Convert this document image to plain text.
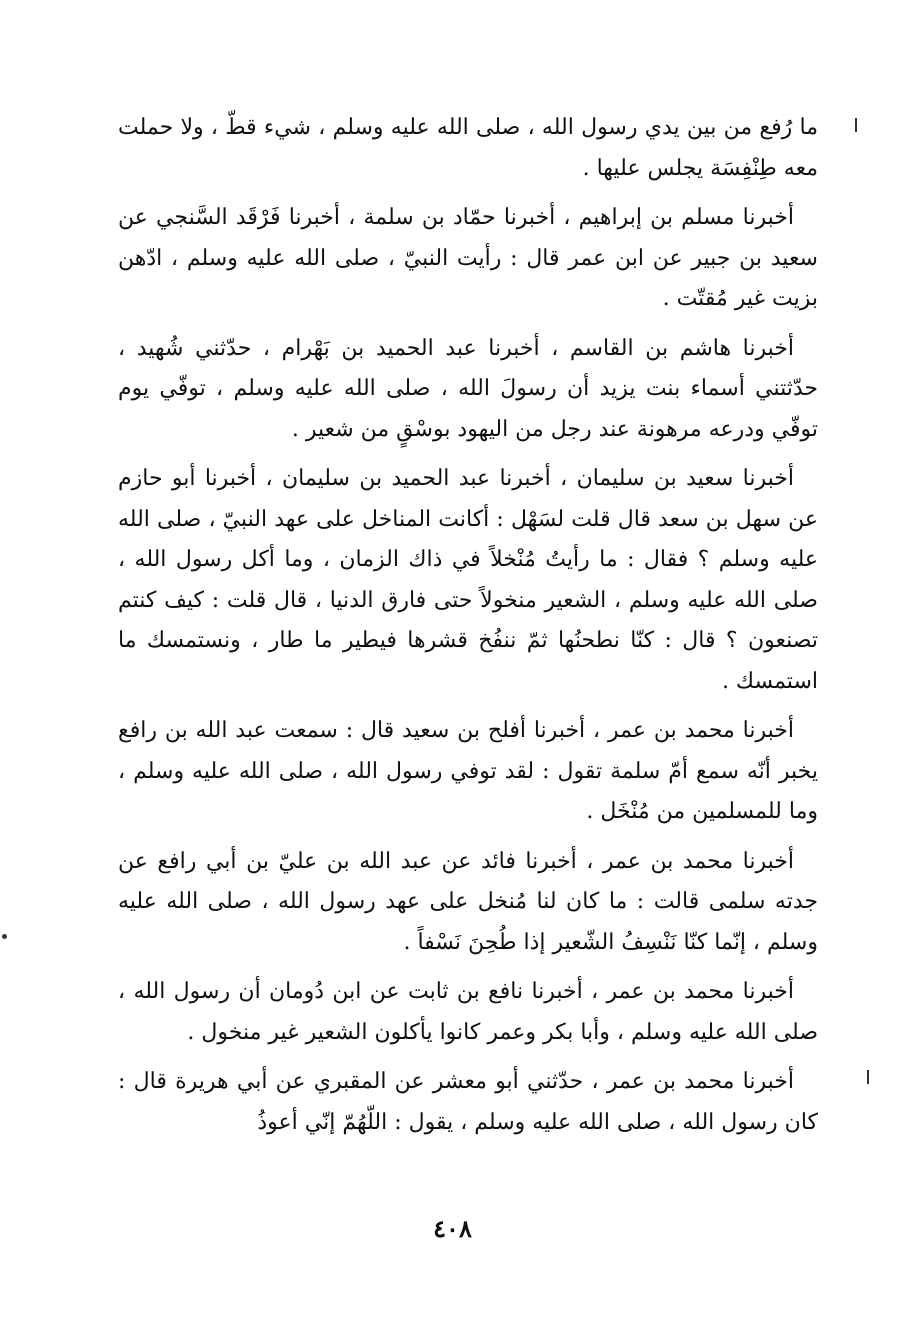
ما رُفع من بين يدي رسول الله ، صلى الله عليه وسلم ، شيء قطّ ، ولا حملت معه طِنْفِسَة يجلس عليها .

أخبرنا مسلم بن إبراهيم ، أخبرنا حمّاد بن سلمة ، أخبرنا فَرْقَد السَّنجي عن سعيد بن جبير عن ابن عمر قال : رأيت النبيّ ، صلى الله عليه وسلم ، ادّهن بزيت غير مُقتّت .

أخبرنا هاشم بن القاسم ، أخبرنا عبد الحميد بن بَهْرام ، حدّثني شُهيد ، حدّثتني أسماء بنت يزيد أن رسولَ الله ، صلى الله عليه وسلم ، توفّي يوم توفّي ودرعه مرهونة عند رجل من اليهود بوسْقٍ من شعير .

أخبرنا سعيد بن سليمان ، أخبرنا عبد الحميد بن سليمان ، أخبرنا أبو حازم عن سهل بن سعد قال قلت لسَهْل : أكانت المناخل على عهد النبيّ ، صلى الله عليه وسلم ؟ فقال : ما رأيتُ مُنْخلاً في ذاك الزمان ، وما أكل رسول الله ، صلى الله عليه وسلم ، الشعير منخولاً حتى فارق الدنيا ، قال قلت : كيف كنتم تصنعون ؟ قال : كنّا نطحنُها ثمّ ننفُخ قشرها فيطير ما طار ، ونستمسك ما استمسك .

أخبرنا محمد بن عمر ، أخبرنا أفلح بن سعيد قال : سمعت عبد الله بن رافع يخبر أنّه سمع أمّ سلمة تقول : لقد توفي رسول الله ، صلى الله عليه وسلم ، وما للمسلمين من مُنْخَل .

أخبرنا محمد بن عمر ، أخبرنا فائد عن عبد الله بن عليّ بن أبي رافع عن جدته سلمى قالت : ما كان لنا مُنخل على عهد رسول الله ، صلى الله عليه وسلم ، إنّما كنّا نَنْسِفُ الشّعير إذا طُحِنَ نَسْفاً .

أخبرنا محمد بن عمر ، أخبرنا نافع بن ثابت عن ابن دُومان أن رسول الله ، صلى الله عليه وسلم ، وأبا بكر وعمر كانوا يأكلون الشعير غير منخول .

أخبرنا محمد بن عمر ، حدّثني أبو معشر عن المقبري عن أبي هريرة قال : كان رسول الله ، صلى الله عليه وسلم ، يقول : اللّهُمّ إنّي أعوذُ

٤٠٨
